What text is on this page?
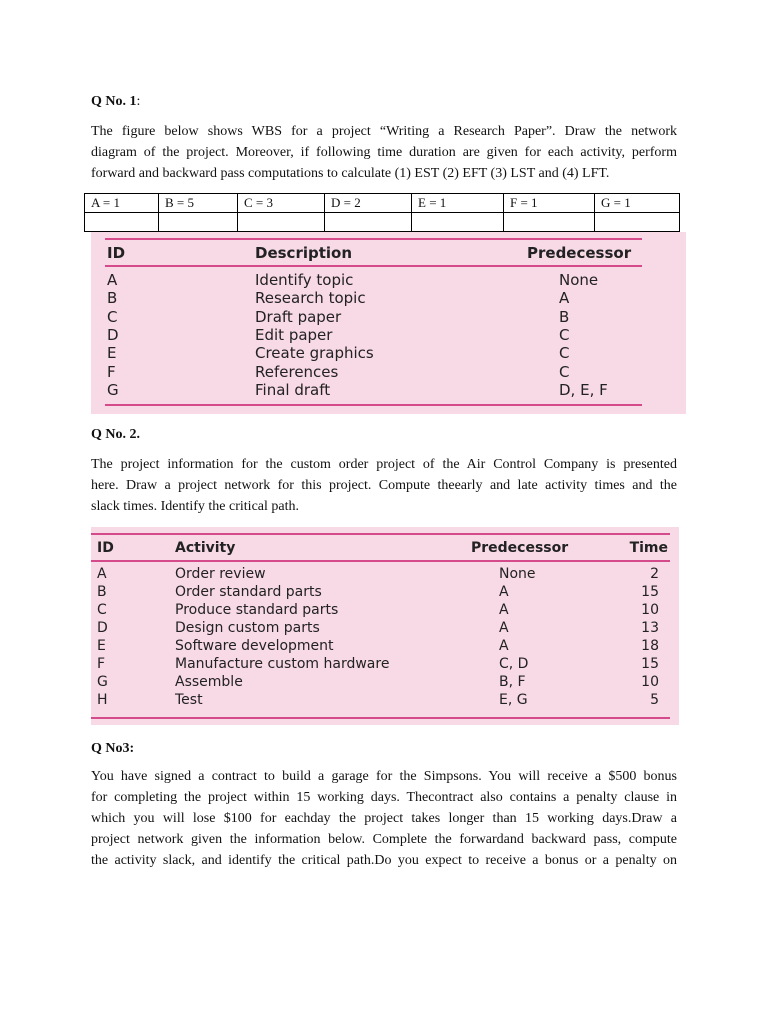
Q No. 1:

The figure below shows WBS for a project “Writing a Research Paper”. Draw the network

diagram of the project. Moreover, if following time duration are given for each activity, perform

forward and backward pass computations to calculate (1) EST (2) EFT (3) LST and (4) LFT.

A = 1	B = 5	C = 3	D = 2	E = 1	F = 1	G = 1

ID	Description	Predecessor
A	Identify topic	None
B	Research topic	A
C	Draft paper	B
D	Edit paper	C
E	Create graphics	C
F	References	C
G	Final draft	D, E, F
Q No. 2.

The project information for the custom order project of the Air Control Company is presented

here. Draw a project network for this project. Compute theearly and late activity times and the

slack times. Identify the critical path.

ID	Activity	Predecessor	Time
A	Order review	None	2
B	Order standard parts	A	15
C	Produce standard parts	A	10
D	Design custom parts	A	13
E	Software development	A	18
F	Manufacture custom hardware	C, D	15
G	Assemble	B, F	10
H	Test	E, G	5
Q No3:

You have signed a contract to build a garage for the Simpsons. You will receive a $500 bonus

for completing the project within 15 working days. Thecontract also contains a penalty clause in

which you will lose $100 for eachday the project takes longer than 15 working days.Draw a

project network given the information below. Complete the forwardand backward pass, compute

the activity slack, and identify the critical path.Do you expect to receive a bonus or a penalty on
